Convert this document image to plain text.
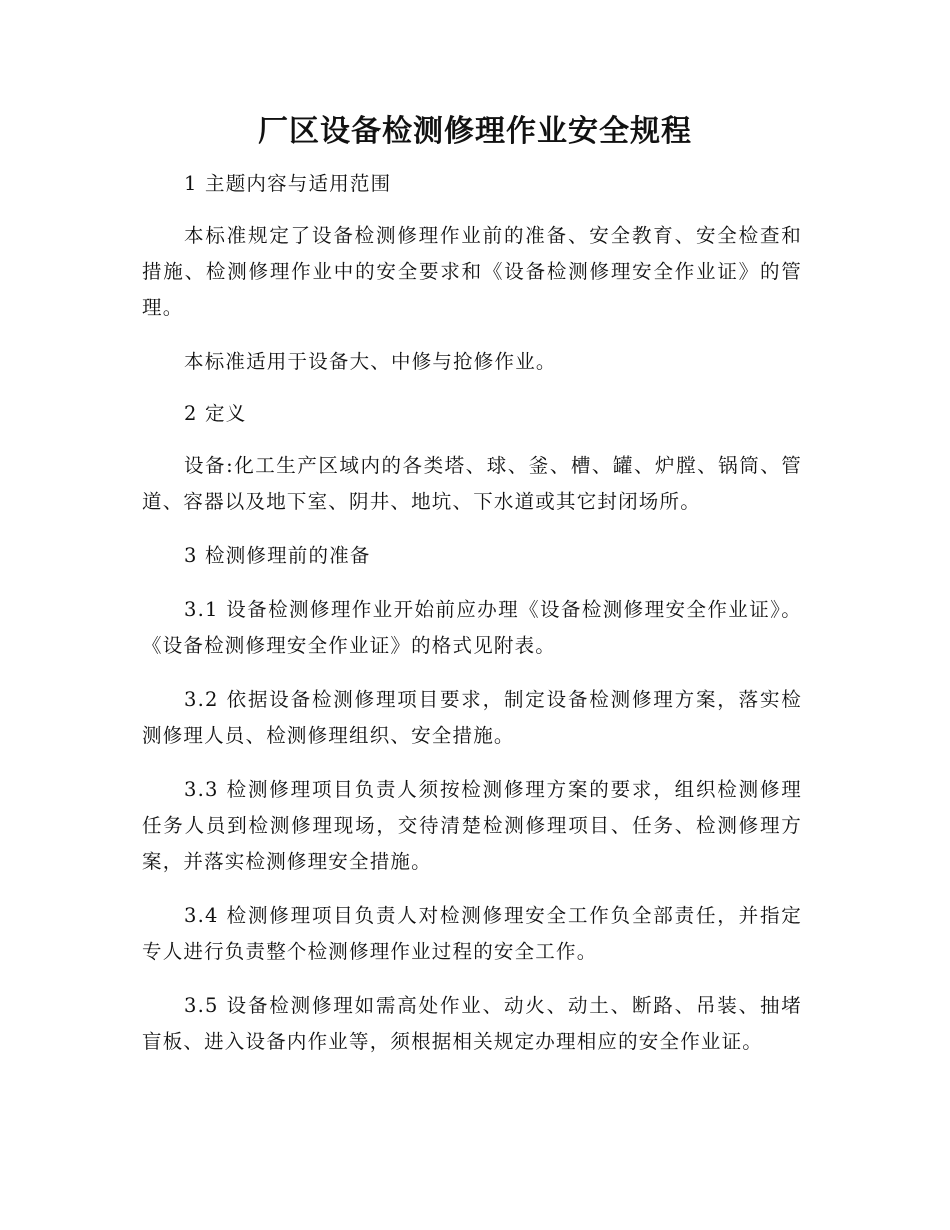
厂区设备检测修理作业安全规程

1 主题内容与适用范围

本标准规定了设备检测修理作业前的准备、安全教育、安全检查和措施、检测修理作业中的安全要求和《设备检测修理安全作业证》的管理。

本标准适用于设备大、中修与抢修作业。

2 定义

设备:化工生产区域内的各类塔、球、釜、槽、罐、炉膛、锅筒、管道、容器以及地下室、阴井、地坑、下水道或其它封闭场所。

3 检测修理前的准备

3.1 设备检测修理作业开始前应办理《设备检测修理安全作业证》。《设备检测修理安全作业证》的格式见附表。

3.2 依据设备检测修理项目要求，制定设备检测修理方案，落实检测修理人员、检测修理组织、安全措施。

3.3 检测修理项目负责人须按检测修理方案的要求，组织检测修理任务人员到检测修理现场，交待清楚检测修理项目、任务、检测修理方案，并落实检测修理安全措施。

3.4 检测修理项目负责人对检测修理安全工作负全部责任，并指定专人进行负责整个检测修理作业过程的安全工作。

3.5 设备检测修理如需高处作业、动火、动土、断路、吊装、抽堵盲板、进入设备内作业等，须根据相关规定办理相应的安全作业证。
